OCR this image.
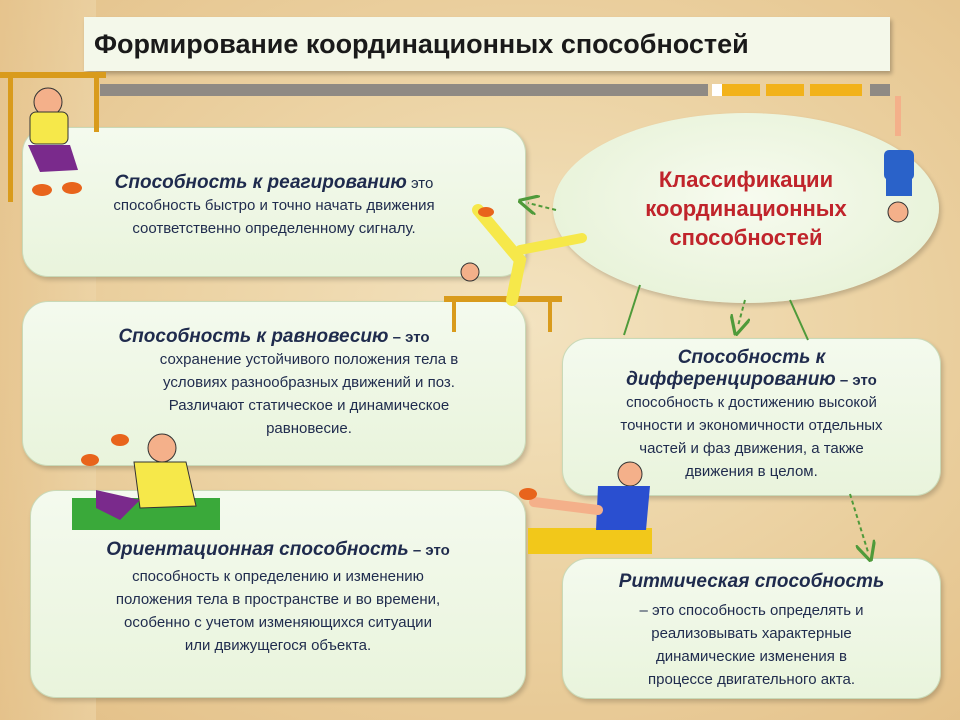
Формирование координационных способностей
Классификации
координационных
способностей
Способность к реагированию это
способность быстро и точно начать движения
соответственно определенному сигналу.
Способность к равновесию – это
сохранение устойчивого положения тела в
условиях разнообразных движений и поз.
Различают статическое и динамическое
равновесие.
Ориентационная способность – это
способность к определению и изменению
положения тела в пространстве и во времени,
особенно с учетом изменяющихся ситуации
или движущегося объекта.
Способность к
дифференцированию – это
способность к достижению высокой
точности и экономичности отдельных
частей и фаз движения, а также
движения в целом.
Ритмическая способность
– это способность определять и
реализовывать характерные
динамические изменения в
процессе двигательного акта.
